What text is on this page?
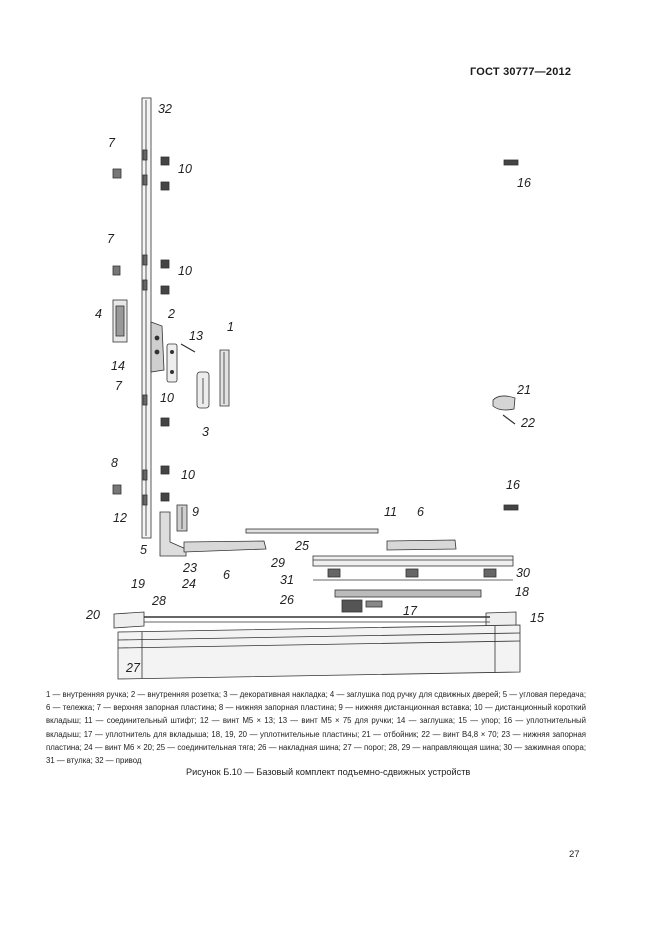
ГОСТ 30777—2012
32
7
10
16
7
10
4	2
13
1
14
7
10
3
21
22
8
10
16
12	9	11 6
25
5
29
23 6	30
19	24	31
18
28	26
17
20	15
27

1 — внутренняя ручка; 2 — внутренняя розетка; 3 — декоративная накладка; 4 — заглушка под ручку для сдвижных дверей; 5 — угловая передача; 6 — тележка; 7 — верхняя запорная пластина; 8 — нижняя запорная пластина; 9 — нижняя дистанционная вставка; 10 — дистанционный короткий вкладыш; 11 — соединительный штифт; 12 — винт М5 × 13; 13 — винт М5 × 75 для ручки; 14 — заглушка; 15 — упор; 16 — уплотнительный вкладыш; 17 — уплотнитель для вкладыша; 18, 19, 20 — уплотнительные пластины; 21 — отбойник; 22 — винт В4,8 × 70; 23 — нижняя запорная пластина; 24 — винт М6 × 20; 25 — соединительная тяга; 26 — накладная шина; 27 — порог; 28, 29 — направляющая шина; 30 — зажимная опора; 31 — втулка; 32 — привод

Рисунок Б.10 — Базовый комплект подъемно-сдвижных устройств
27
